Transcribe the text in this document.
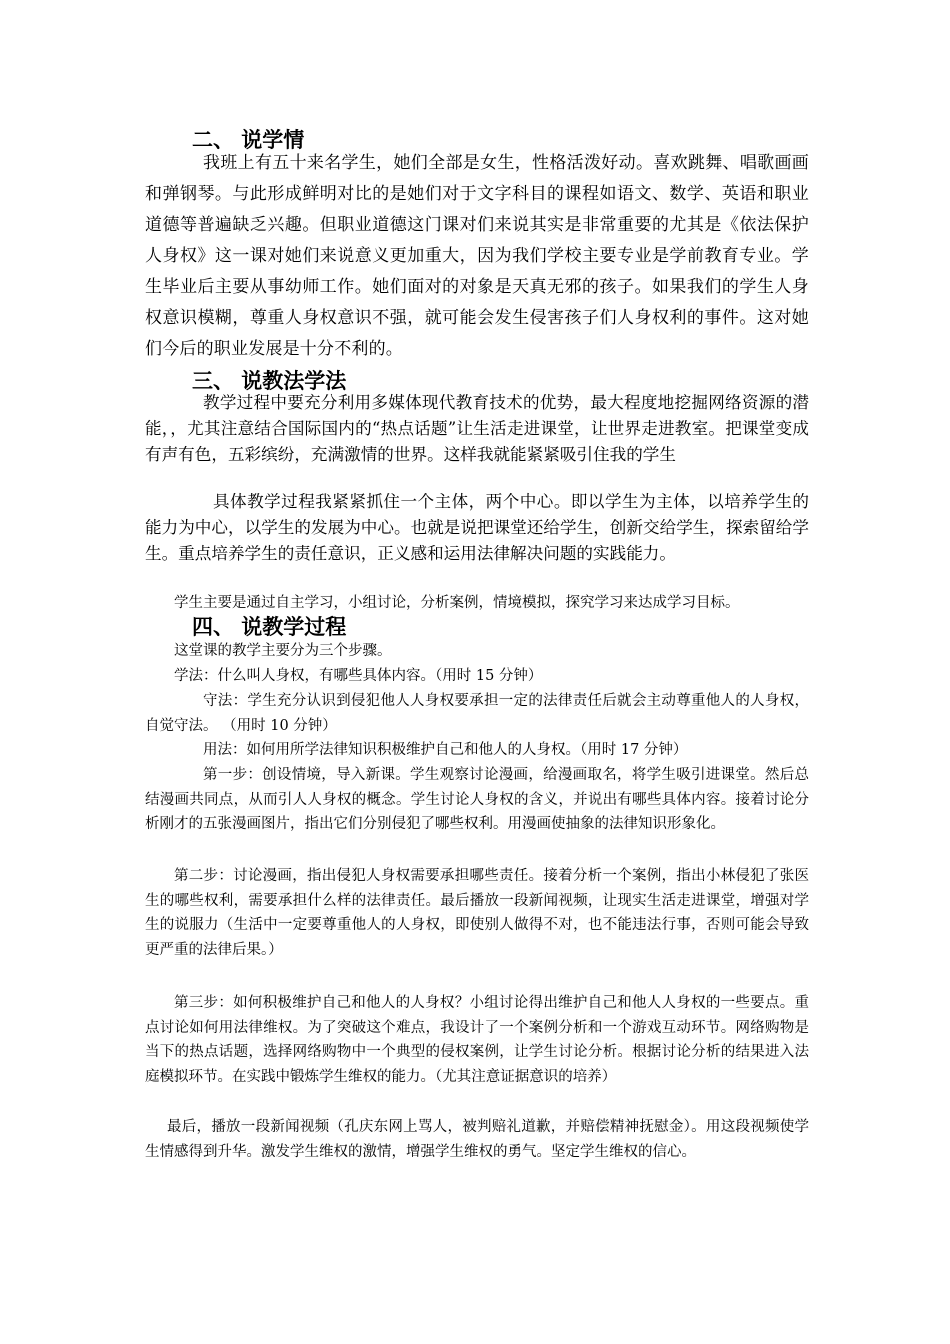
二、 说学情

我班上有五十来名学生，她们全部是女生，性格活泼好动。喜欢跳舞、唱歌画画和弹钢琴。与此形成鲜明对比的是她们对于文字科目的课程如语文、数学、英语和职业道德等普遍缺乏兴趣。但职业道德这门课对们来说其实是非常重要的尤其是《依法保护人身权》这一课对她们来说意义更加重大，因为我们学校主要专业是学前教育专业。学生毕业后主要从事幼师工作。她们面对的对象是天真无邪的孩子。如果我们的学生人身权意识模糊，尊重人身权意识不强，就可能会发生侵害孩子们人身权利的事件。这对她们今后的职业发展是十分不利的。

三、 说教法学法

教学过程中要充分利用多媒体现代教育技术的优势，最大程度地挖掘网络资源的潜能，，尤其注意结合国际国内的“热点话题”让生活走进课堂，让世界走进教室。把课堂变成有声有色，五彩缤纷，充满激情的世界。这样我就能紧紧吸引住我的学生

具体教学过程我紧紧抓住一个主体，两个中心。即以学生为主体，以培养学生的能力为中心，以学生的发展为中心。也就是说把课堂还给学生，创新交给学生，探索留给学生。重点培养学生的责任意识，正义感和运用法律解决问题的实践能力。

学生主要是通过自主学习，小组讨论，分析案例，情境模拟，探究学习来达成学习目标。

四、 说教学过程

这堂课的教学主要分为三个步骤。

学法：什么叫人身权，有哪些具体内容。（用时 15 分钟）

守法：学生充分认识到侵犯他人人身权要承担一定的法律责任后就会主动尊重他人的人身权，自觉守法。 （用时 10 分钟）

用法：如何用所学法律知识积极维护自己和他人的人身权。（用时 17 分钟）

第一步：创设情境，导入新课。学生观察讨论漫画，给漫画取名，将学生吸引进课堂。然后总结漫画共同点，从而引人人身权的概念。学生讨论人身权的含义，并说出有哪些具体内容。接着讨论分析刚才的五张漫画图片，指出它们分别侵犯了哪些权利。用漫画使抽象的法律知识形象化。

第二步：讨论漫画，指出侵犯人身权需要承担哪些责任。接着分析一个案例，指出小林侵犯了张医生的哪些权利，需要承担什么样的法律责任。最后播放一段新闻视频，让现实生活走进课堂，增强对学生的说服力（生活中一定要尊重他人的人身权，即使别人做得不对，也不能违法行事，否则可能会导致更严重的法律后果。）

第三步：如何积极维护自己和他人的人身权？小组讨论得出维护自己和他人人身权的一些要点。重点讨论如何用法律维权。为了突破这个难点，我设计了一个案例分析和一个游戏互动环节。网络购物是当下的热点话题，选择网络购物中一个典型的侵权案例，让学生讨论分析。根据讨论分析的结果进入法庭模拟环节。在实践中锻炼学生维权的能力。（尤其注意证据意识的培养）

最后，播放一段新闻视频（孔庆东网上骂人，被判赔礼道歉，并赔偿精神抚慰金）。用这段视频使学生情感得到升华。激发学生维权的激情，增强学生维权的勇气。坚定学生维权的信心。
